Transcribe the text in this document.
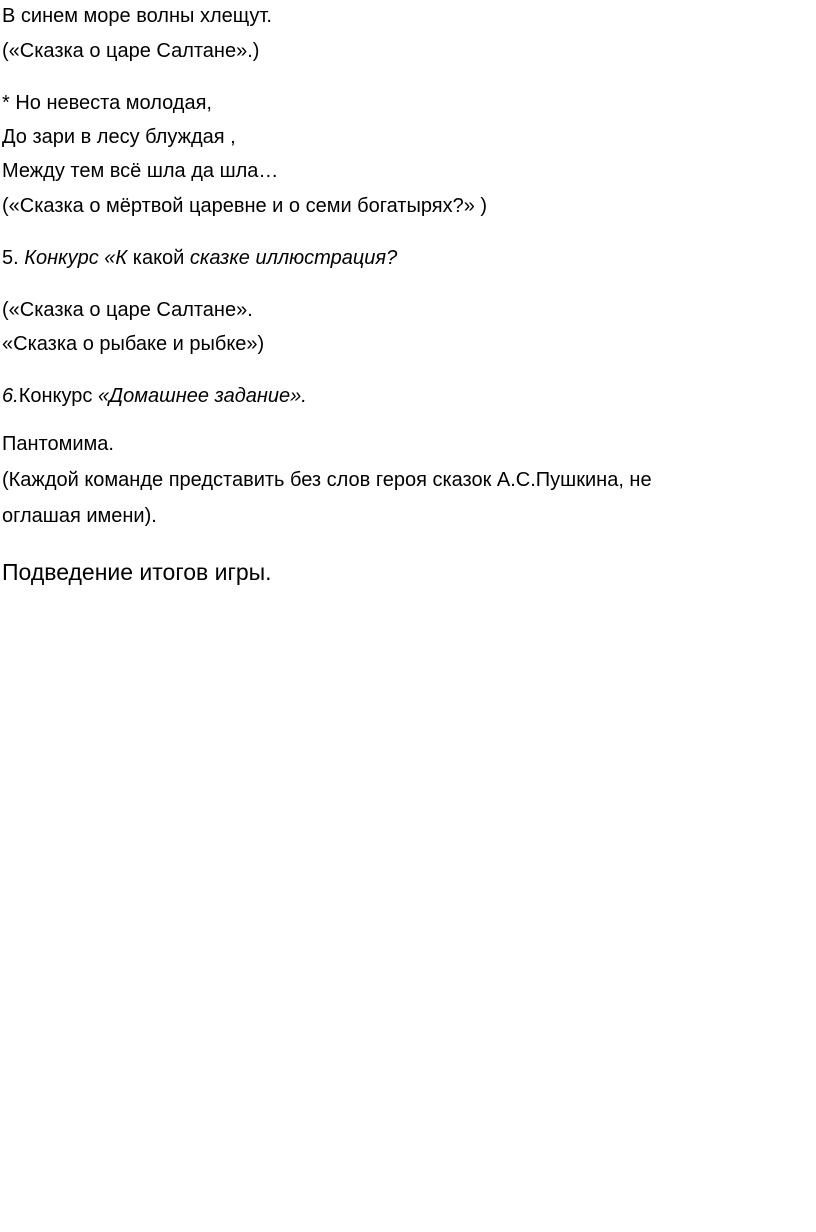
В синем море волны хлещут.
(«Сказка о царе Салтане».)
* Но невеста молодая,
До зари в лесу блуждая ,
Между тем всё шла да шла…
(«Сказка о мёртвой царевне и о семи богатырях?» )
5. Конкурс «К какой сказке иллюстрация?
(«Сказка о царе Салтане».
«Сказка о рыбаке и рыбке»)
6.Конкурс «Домашнее задание».
Пантомима.
(Каждой команде представить без слов героя сказок А.С.Пушкина, не
оглашая имени).
Подведение итогов игры.
